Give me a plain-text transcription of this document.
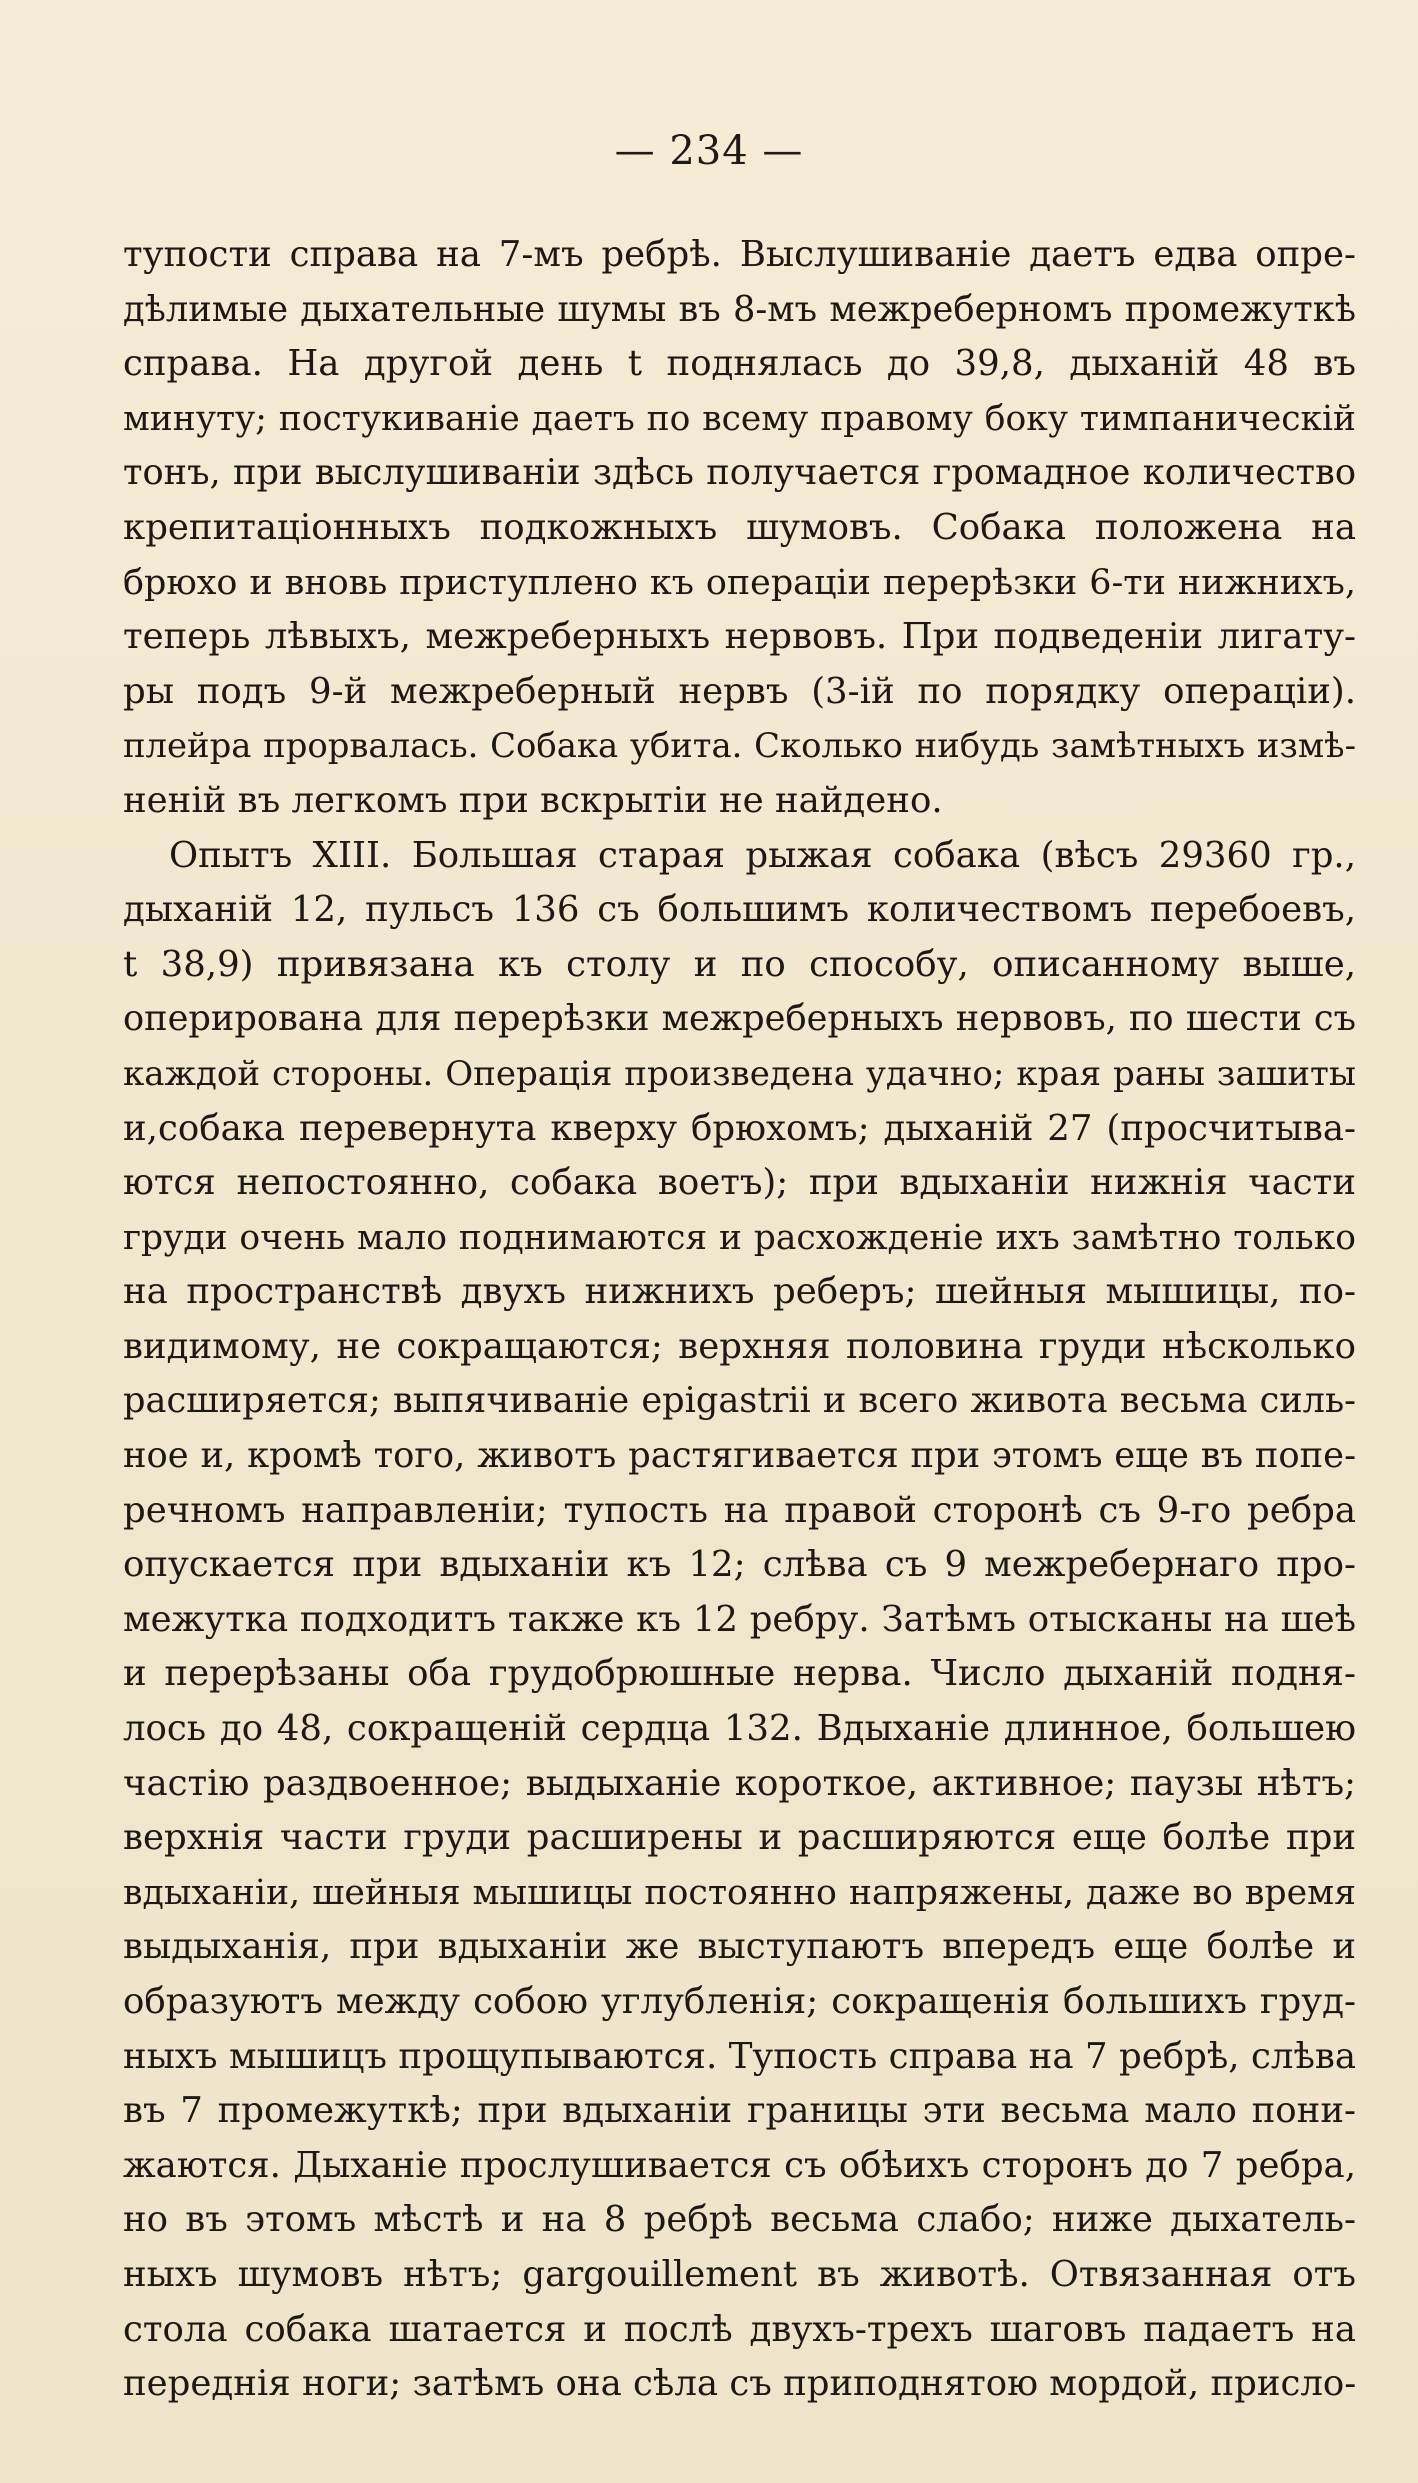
— 234 —
тупости справа на 7-мъ ребрѣ. Выслушиваніе даетъ едва опре-
дѣлимые дыхательные шумы въ 8-мъ межреберномъ промежуткѣ
справа. На другой день t поднялась до 39,8, дыханій 48 въ
минуту; постукиваніе даетъ по всему правому боку тимпаническій
тонъ, при выслушиваніи здѣсь получается громадное количество
крепитаціонныхъ подкожныхъ шумовъ. Собака положена на
брюхо и вновь приступлено къ операціи перерѣзки 6-ти нижнихъ,
теперь лѣвыхъ, межреберныхъ нервовъ. При подведеніи лигату-
ры подъ 9-й межреберный нервъ (3-ій по порядку операціи).
плейра прорвалась. Собака убита. Сколько нибудь замѣтныхъ измѣ-
неній въ легкомъ при вскрытіи не найдено.
Опытъ XIII. Большая старая рыжая собака (вѣсъ 29360 гр.,
дыханій 12, пульсъ 136 съ большимъ количествомъ перебоевъ,
t 38,9) привязана къ столу и по способу, описанному выше,
оперирована для перерѣзки межреберныхъ нервовъ, по шести съ
каждой стороны. Операція произведена удачно; края раны зашиты
и,собака перевернута кверху брюхомъ; дыханій 27 (просчитыва-
ются непостоянно, собака воетъ); при вдыханіи нижнія части
груди очень мало поднимаются и расхожденіе ихъ замѣтно только
на пространствѣ двухъ нижнихъ реберъ; шейныя мышицы, по-
видимому, не сокращаются; верхняя половина груди нѣсколько
расширяется; выпячиваніе epigastrii и всего живота весьма силь-
ное и, кромѣ того, животъ растягивается при этомъ еще въ попе-
речномъ направленіи; тупость на правой сторонѣ съ 9-го ребра
опускается при вдыханіи къ 12; слѣва съ 9 межребернаго про-
межутка подходитъ также къ 12 ребру. Затѣмъ отысканы на шеѣ
и перерѣзаны оба грудобрюшные нерва. Число дыханій подня-
лось до 48, сокращеній сердца 132. Вдыханіе длинное, большею
частію раздвоенное; выдыханіе короткое, активное; паузы нѣтъ;
верхнія части груди расширены и расширяются еще болѣе при
вдыханіи, шейныя мышицы постоянно напряжены, даже во время
выдыханія, при вдыханіи же выступаютъ впередъ еще болѣе и
образуютъ между собою углубленія; сокращенія большихъ груд-
ныхъ мышицъ прощупываются. Тупость справа на 7 ребрѣ, слѣва
въ 7 промежуткѣ; при вдыханіи границы эти весьма мало пони-
жаются. Дыханіе прослушивается съ обѣихъ сторонъ до 7 ребра,
но въ этомъ мѣстѣ и на 8 ребрѣ весьма слабо; ниже дыхатель-
ныхъ шумовъ нѣтъ; gargouillement въ животѣ. Отвязанная отъ
стола собака шатается и послѣ двухъ-трехъ шаговъ падаетъ на
переднія ноги; затѣмъ она сѣла съ приподнятою мордой, присло-
